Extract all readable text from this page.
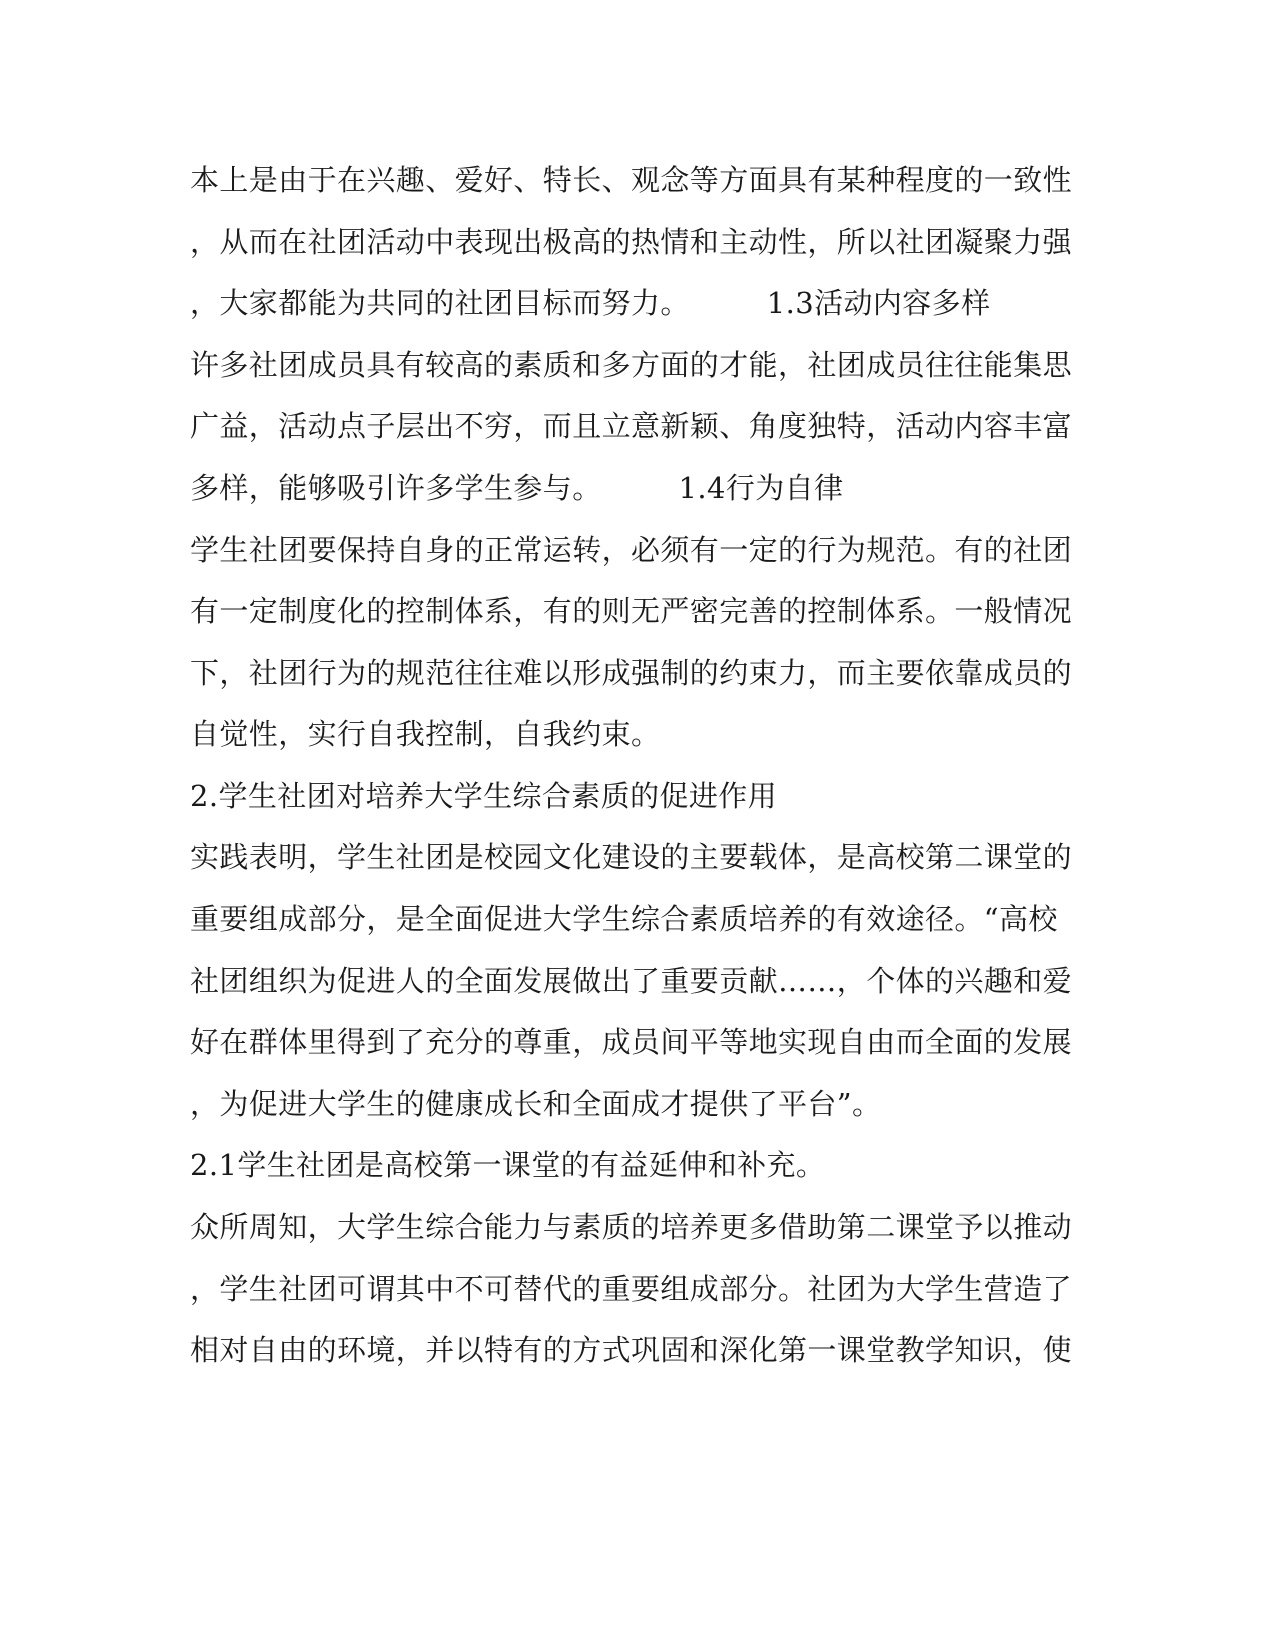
本上是由于在兴趣、爱好、特长、观念等方面具有某种程度的一致性
，从而在社团活动中表现出极高的热情和主动性，所以社团凝聚力强
，大家都能为共同的社团目标而努力。        1.3活动内容多样
许多社团成员具有较高的素质和多方面的才能，社团成员往往能集思
广益，活动点子层出不穷，而且立意新颖、角度独特，活动内容丰富
多样，能够吸引许多学生参与。        1.4行为自律
学生社团要保持自身的正常运转，必须有一定的行为规范。有的社团
有一定制度化的控制体系，有的则无严密完善的控制体系。一般情况
下，社团行为的规范往往难以形成强制的约束力，而主要依靠成员的
自觉性，实行自我控制，自我约束。
2.学生社团对培养大学生综合素质的促进作用
实践表明，学生社团是校园文化建设的主要载体，是高校第二课堂的
重要组成部分，是全面促进大学生综合素质培养的有效途径。“高校
社团组织为促进人的全面发展做出了重要贡献……，个体的兴趣和爱
好在群体里得到了充分的尊重，成员间平等地实现自由而全面的发展
，为促进大学生的健康成长和全面成才提供了平台”。
2.1学生社团是高校第一课堂的有益延伸和补充。
众所周知，大学生综合能力与素质的培养更多借助第二课堂予以推动
，学生社团可谓其中不可替代的重要组成部分。社团为大学生营造了
相对自由的环境，并以特有的方式巩固和深化第一课堂教学知识，使
